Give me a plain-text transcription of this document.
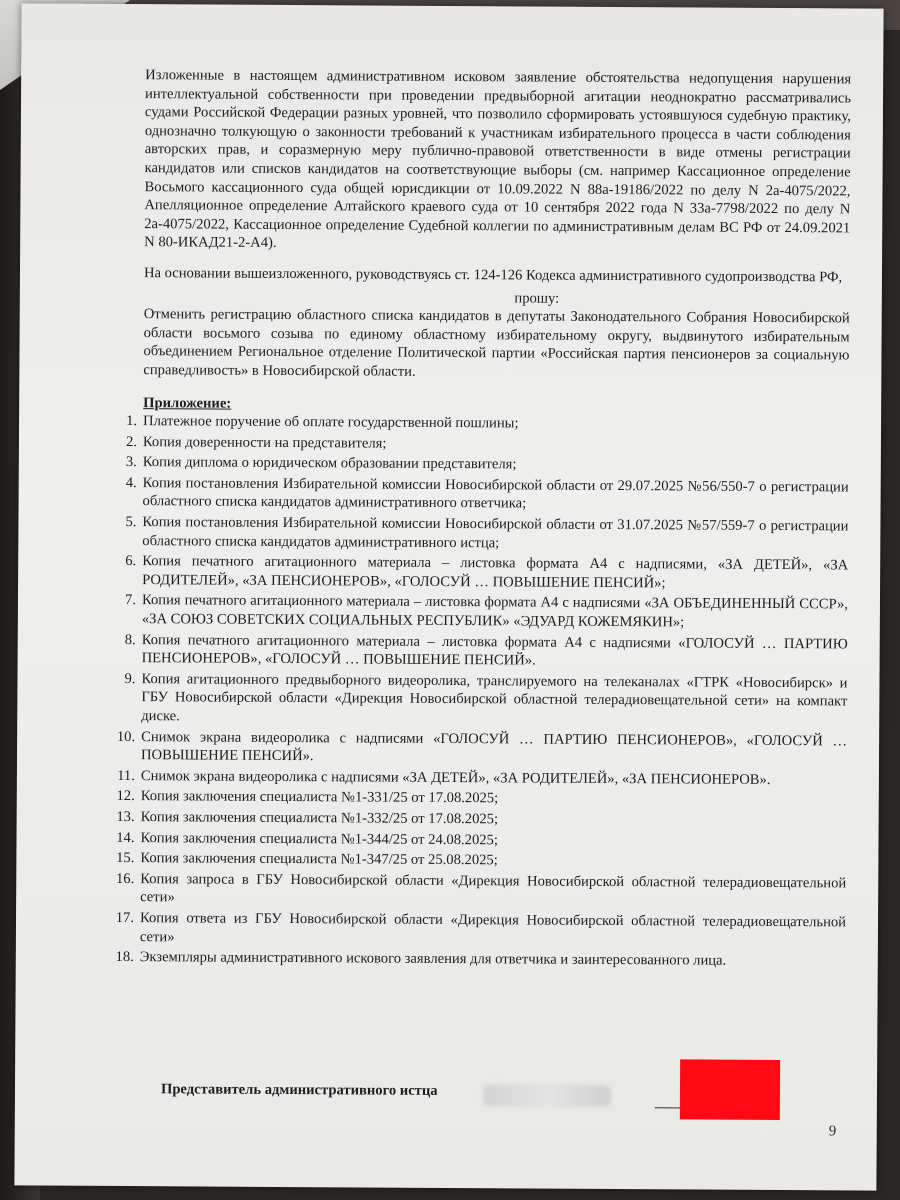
Изложенные в настоящем административном исковом заявление обстоятельства недопущения нарушения интеллектуальной собственности при проведении предвыборной агитации неоднократно рассматривались судами Российской Федерации разных уровней, что позволило сформировать устоявшуюся судебную практику, однозначно толкующую о законности требований к участникам избирательного процесса в части соблюдения авторских прав, и соразмерную меру публично-правовой ответственности в виде отмены регистрации кандидатов или списков кандидатов на соответствующие выборы (см. например Кассационное определение Восьмого кассационного суда общей юрисдикции от 10.09.2022 N 88а-19186/2022 по делу N 2а-4075/2022, Апелляционное определение Алтайского краевого суда от 10 сентября 2022 года N 33а-7798/2022 по делу N 2а-4075/2022, Кассационное определение Судебной коллегии по административным делам ВС РФ от 24.09.2021 N 80-ИКАД21-2-А4).

На основании вышеизложенного, руководствуясь ст. 124-126 Кодекса административного судопроизводства РФ,

прошу:

Отменить регистрацию областного списка кандидатов в депутаты Законодательного Собрания Новосибирской области восьмого созыва по единому областному избирательному округу, выдвинутого избирательным объединением Региональное отделение Политической партии «Российская партия пенсионеров за социальную справедливость» в Новосибирской области.

Приложение:
1. Платежное поручение об оплате государственной пошлины;
2. Копия доверенности на представителя;
3. Копия диплома о юридическом образовании представителя;
4. Копия постановления Избирательной комиссии Новосибирской области от 29.07.2025 №56/550-7 о регистрации областного списка кандидатов административного ответчика;
5. Копия постановления Избирательной комиссии Новосибирской области от 31.07.2025 №57/559-7 о регистрации областного списка кандидатов административного истца;
6. Копия печатного агитационного материала – листовка формата А4 с надписями, «ЗА ДЕТЕЙ», «ЗА РОДИТЕЛЕЙ», «ЗА ПЕНСИОНЕРОВ», «ГОЛОСУЙ … ПОВЫШЕНИЕ ПЕНСИЙ»;
7. Копия печатного агитационного материала – листовка формата А4 с надписями «ЗА ОБЪЕДИНЕННЫЙ СССР», «ЗА СОЮЗ СОВЕТСКИХ СОЦИАЛЬНЫХ РЕСПУБЛИК» «ЭДУАРД КОЖЕМЯКИН»;
8. Копия печатного агитационного материала – листовка формата А4 с надписями «ГОЛОСУЙ … ПАРТИЮ ПЕНСИОНЕРОВ», «ГОЛОСУЙ … ПОВЫШЕНИЕ ПЕНСИЙ».
9. Копия агитационного предвыборного видеоролика, транслируемого на телеканалах «ГТРК «Новосибирск» и ГБУ Новосибирской области «Дирекция Новосибирской областной телерадиовещательной сети» на компакт диске.
10. Снимок экрана видеоролика с надписями «ГОЛОСУЙ … ПАРТИЮ ПЕНСИОНЕРОВ», «ГОЛОСУЙ … ПОВЫШЕНИЕ ПЕНСИЙ».
11. Снимок экрана видеоролика с надписями «ЗА ДЕТЕЙ», «ЗА РОДИТЕЛЕЙ», «ЗА ПЕНСИОНЕРОВ».
12. Копия заключения специалиста №1-331/25 от 17.08.2025;
13. Копия заключения специалиста №1-332/25 от 17.08.2025;
14. Копия заключения специалиста №1-344/25 от 24.08.2025;
15. Копия заключения специалиста №1-347/25 от 25.08.2025;
16. Копия запроса в ГБУ Новосибирской области «Дирекция Новосибирской областной телерадиовещательной сети»
17. Копия ответа из ГБУ Новосибирской области «Дирекция Новосибирской областной телерадиовещательной сети»
18. Экземпляры административного искового заявления для ответчика и заинтересованного лица.
Представитель административного истца
9
